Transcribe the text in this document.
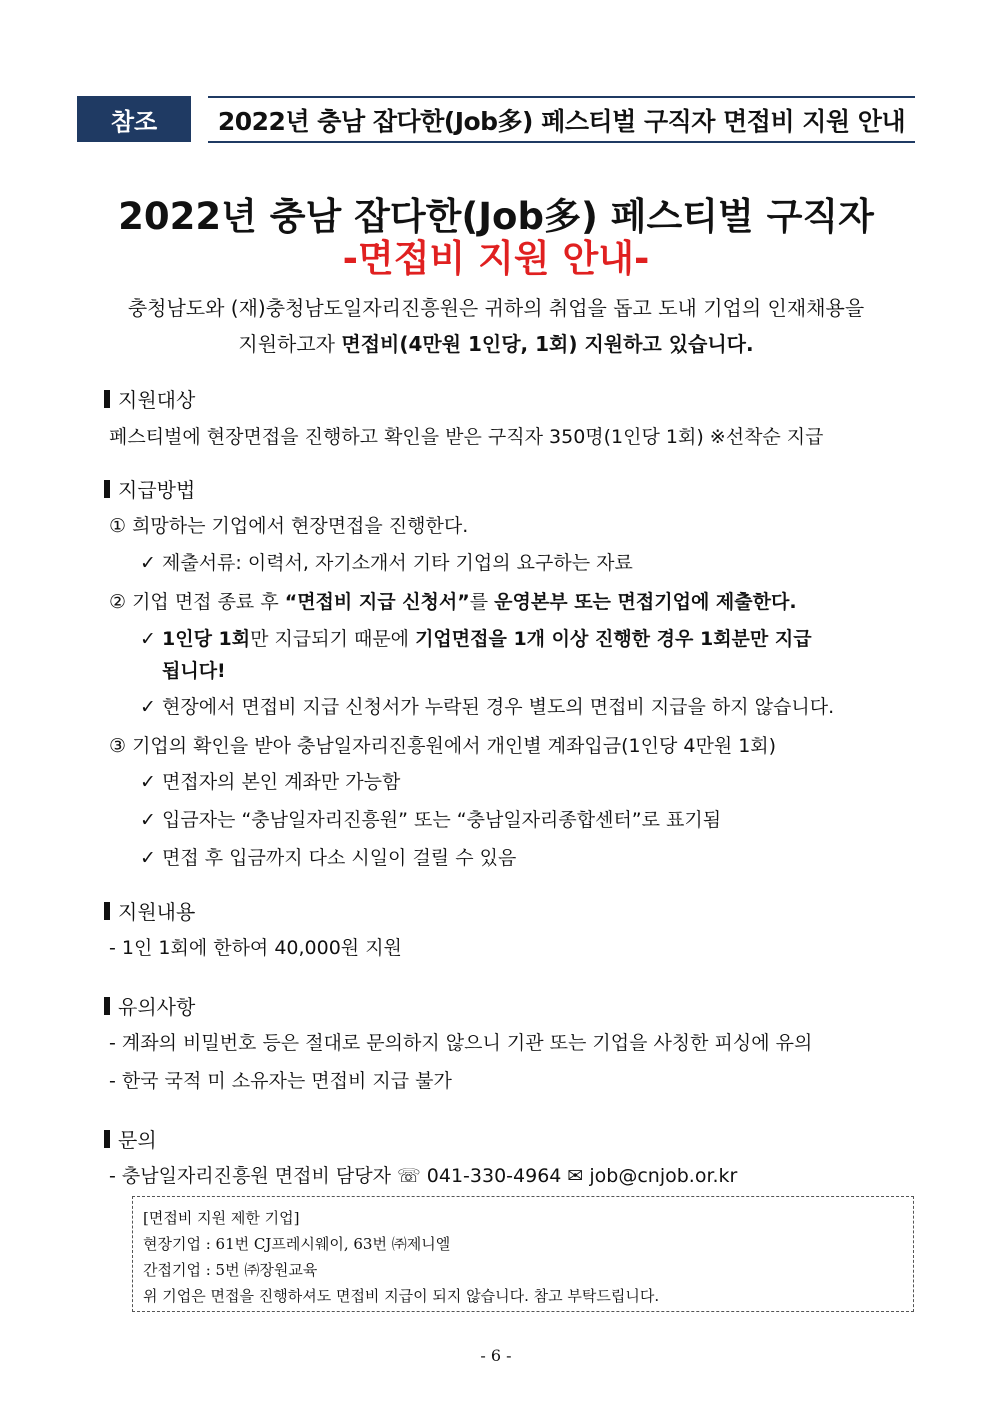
참조	2022년 충남 잡다한(Job多) 페스티벌 구직자 면접비 지원 안내
2022년 충남 잡다한(Job多) 페스티벌 구직자
-면접비 지원 안내-
충청남도와 (재)충청남도일자리진흥원은 귀하의 취업을 돕고 도내 기업의 인재채용을
지원하고자 면접비(4만원 1인당, 1회) 지원하고 있습니다.
지원대상
페스티벌에 현장면접을 진행하고 확인을 받은 구직자 350명(1인당 1회) ※선착순 지급
지급방법
① 희망하는 기업에서 현장면접을 진행한다.
✓ 제출서류: 이력서, 자기소개서 기타 기업의 요구하는 자료
② 기업 면접 종료 후 “면접비 지급 신청서”를 운영본부 또는 면접기업에 제출한다.
✓ 1인당 1회만 지급되기 때문에 기업면접을 1개 이상 진행한 경우 1회분만 지급
됩니다!
✓ 현장에서 면접비 지급 신청서가 누락된 경우 별도의 면접비 지급을 하지 않습니다.
③ 기업의 확인을 받아 충남일자리진흥원에서 개인별 계좌입금(1인당 4만원 1회)
✓ 면접자의 본인 계좌만 가능함
✓ 입금자는 “충남일자리진흥원” 또는 “충남일자리종합센터”로 표기됨
✓ 면접 후 입금까지 다소 시일이 걸릴 수 있음
지원내용
- 1인 1회에 한하여 40,000원 지원
유의사항
- 계좌의 비밀번호 등은 절대로 문의하지 않으니 기관 또는 기업을 사칭한 피싱에 유의
- 한국 국적 미 소유자는 면접비 지급 불가
문의
- 충남일자리진흥원 면접비 담당자 ☏ 041-330-4964 ✉ job@cnjob.or.kr
[면접비 지원 제한 기업]
현장기업 : 61번 CJ프레시웨이, 63번 ㈜제니엘
간접기업 : 5번 ㈜장원교육
위 기업은 면접을 진행하셔도 면접비 지급이 되지 않습니다. 참고 부탁드립니다.
- 6 -
